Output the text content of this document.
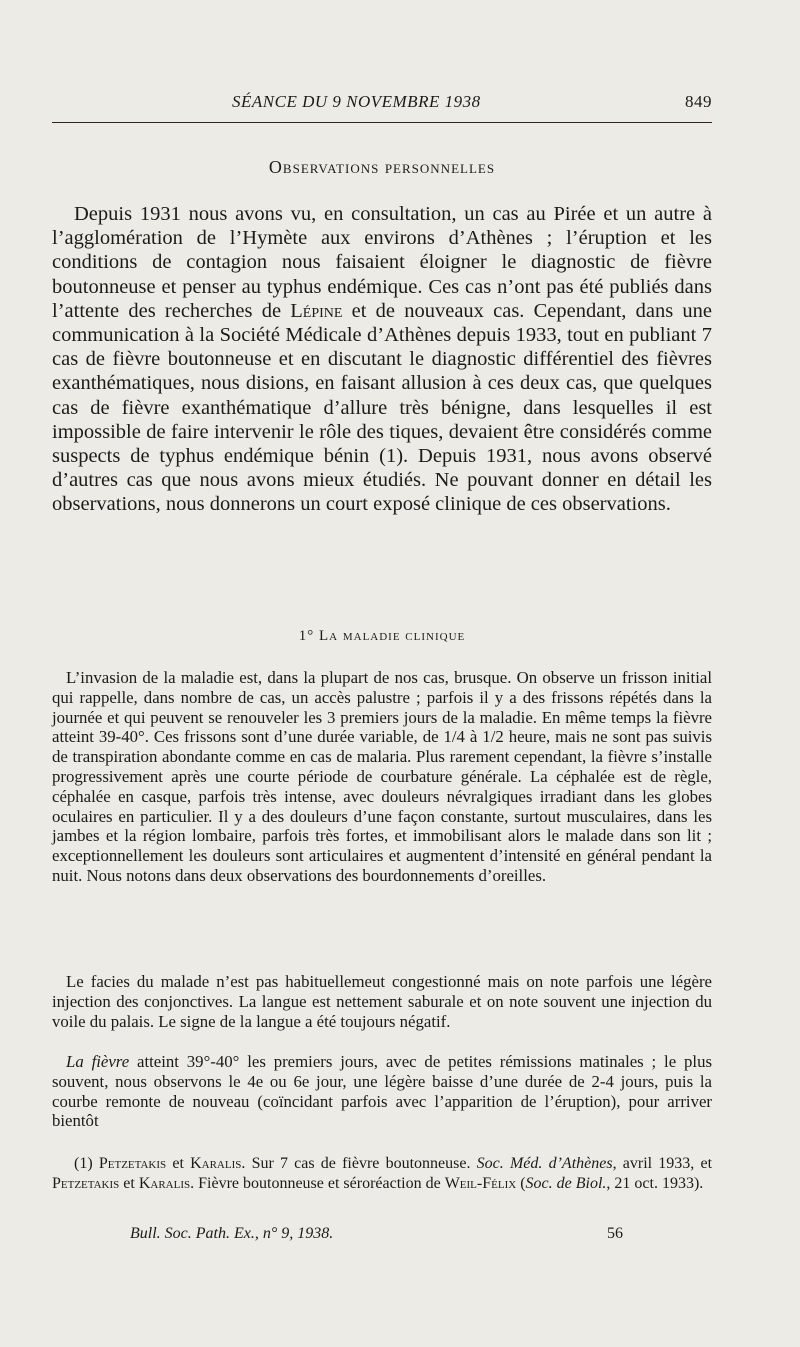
SÉANCE DU 9 NOVEMBRE 1938	849
Observations personnelles

Depuis 1931 nous avons vu, en consultation, un cas au Pirée et un autre à l’agglomération de l’Hymète aux environs d’Athènes ; l’éruption et les conditions de contagion nous faisaient éloigner le diagnostic de fièvre boutonneuse et penser au typhus endémique. Ces cas n’ont pas été publiés dans l’attente des recherches de Lépine et de nouveaux cas. Cependant, dans une communication à la Société Médicale d’Athènes depuis 1933, tout en publiant 7 cas de fièvre boutonneuse et en discutant le diagnostic différentiel des fièvres exanthématiques, nous disions, en faisant allusion à ces deux cas, que quelques cas de fièvre exanthématique d’allure très bénigne, dans lesquelles il est impossible de faire intervenir le rôle des tiques, devaient être considérés comme suspects de typhus endémique bénin (1). Depuis 1931, nous avons observé d’autres cas que nous avons mieux étudiés. Ne pouvant donner en détail les observations, nous donnerons un court exposé clinique de ces observations.

1° La maladie clinique

L’invasion de la maladie est, dans la plupart de nos cas, brusque. On observe un frisson initial qui rappelle, dans nombre de cas, un accès palustre ; parfois il y a des frissons répétés dans la journée et qui peuvent se renouveler les 3 premiers jours de la maladie. En même temps la fièvre atteint 39-40°. Ces frissons sont d’une durée variable, de 1/4 à 1/2 heure, mais ne sont pas suivis de transpiration abondante comme en cas de malaria. Plus rarement cependant, la fièvre s’installe progressivement après une courte période de courbature générale. La céphalée est de règle, céphalée en casque, parfois très intense, avec douleurs névralgiques irradiant dans les globes oculaires en particulier. Il y a des douleurs d’une façon constante, surtout musculaires, dans les jambes et la région lombaire, parfois très fortes, et immobilisant alors le malade dans son lit ; exceptionnellement les douleurs sont articulaires et augmentent d’intensité en général pendant la nuit. Nous notons dans deux observations des bourdonnements d’oreilles.

Le facies du malade n’est pas habituellemeut congestionné mais on note parfois une légère injection des conjonctives. La langue est nettement saburale et on note souvent une injection du voile du palais. Le signe de la langue a été toujours négatif.

La fièvre atteint 39°-40° les premiers jours, avec de petites rémissions matinales ; le plus souvent, nous observons le 4e ou 6e jour, une légère baisse d’une durée de 2-4 jours, puis la courbe remonte de nouveau (coïncidant parfois avec l’apparition de l’éruption), pour arriver bientôt

(1) Petzetakis et Karalis. Sur 7 cas de fièvre boutonneuse. Soc. Méd. d’Athènes, avril 1933, et Petzetakis et Karalis. Fièvre boutonneuse et séroréaction de Weil-Félix (Soc. de Biol., 21 oct. 1933).

Bull. Soc. Path. Ex., n° 9, 1938.	56
